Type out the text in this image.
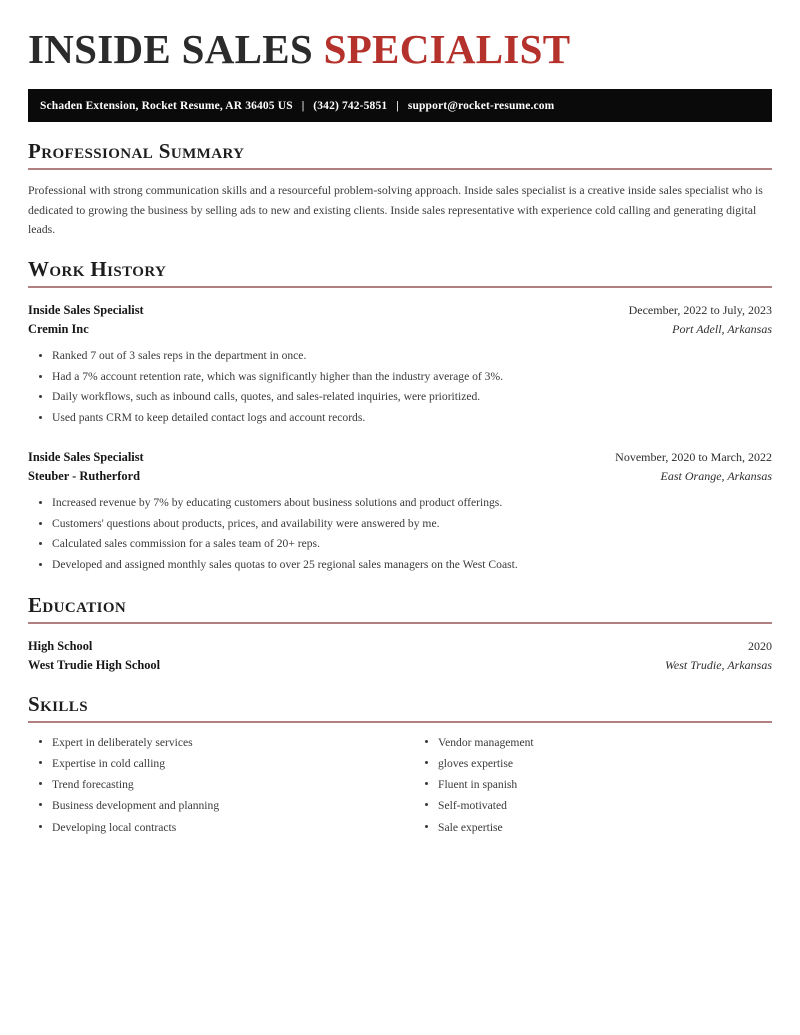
INSIDE SALES SPECIALIST
Schaden Extension, Rocket Resume, AR 36405 US | (342) 742-5851 | support@rocket-resume.com
Professional Summary

Professional with strong communication skills and a resourceful problem-solving approach. Inside sales specialist is a creative inside sales specialist who is dedicated to growing the business by selling ads to new and existing clients. Inside sales representative with experience cold calling and generating digital leads.

Work History
Inside Sales Specialist	December, 2022 to July, 2023
Cremin Inc	Port Adell, Arkansas
Ranked 7 out of 3 sales reps in the department in once.
Had a 7% account retention rate, which was significantly higher than the industry average of 3%.
Daily workflows, such as inbound calls, quotes, and sales-related inquiries, were prioritized.
Used pants CRM to keep detailed contact logs and account records.
Inside Sales Specialist	November, 2020 to March, 2022
Steuber - Rutherford	East Orange, Arkansas
Increased revenue by 7% by educating customers about business solutions and product offerings.
Customers' questions about products, prices, and availability were answered by me.
Calculated sales commission for a sales team of 20+ reps.
Developed and assigned monthly sales quotas to over 25 regional sales managers on the West Coast.
Education
High School	2020
West Trudie High School	West Trudie, Arkansas
Skills
Expert in deliberately services
Expertise in cold calling
Trend forecasting
Business development and planning
Developing local contracts
Vendor management
gloves expertise
Fluent in spanish
Self-motivated
Sale expertise
